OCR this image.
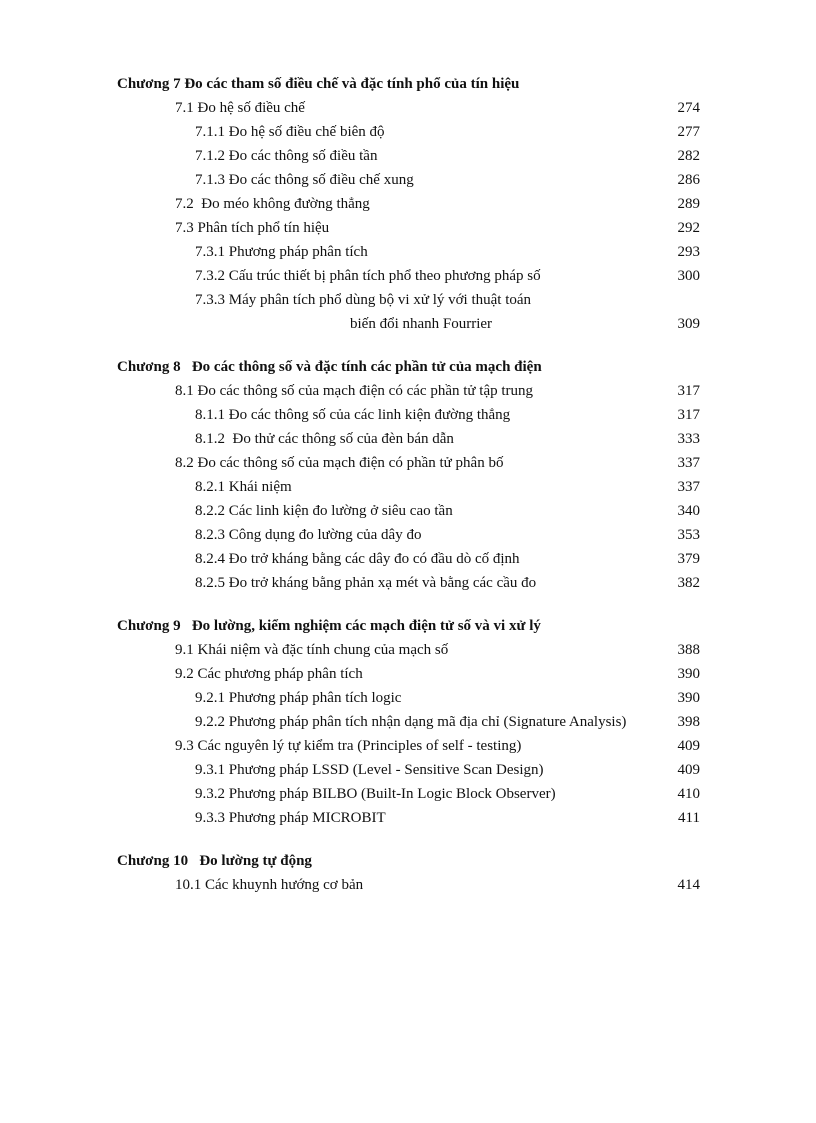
Chương 7 Đo các tham số điều chế và đặc tính phổ của tín hiệu
7.1 Đo hệ số điều chế	274
7.1.1 Đo hệ số điều chế biên độ	277
7.1.2 Đo các thông số điều tần	282
7.1.3 Đo các thông số điều chế xung	286
7.2  Đo méo không đường thẳng	289
7.3 Phân tích phổ tín hiệu	292
7.3.1 Phương pháp phân tích	293
7.3.2 Cấu trúc thiết bị phân tích phổ theo phương pháp số	300
7.3.3 Máy phân tích phổ dùng bộ vi xử lý với thuật toán
biến đổi nhanh Fourrier	309
Chương 8   Đo các thông số và đặc tính các phần tử của mạch điện
8.1 Đo các thông số của mạch điện có các phần tử tập trung	317
8.1.1 Đo các thông số của các linh kiện đường thẳng	317
8.1.2  Đo thử các thông số của đèn bán dẫn	333
8.2 Đo các thông số của mạch điện có phần tử phân bố	337
8.2.1 Khái niệm	337
8.2.2 Các linh kiện đo lường ở siêu cao tần	340
8.2.3 Công dụng đo lường của dây đo	353
8.2.4 Đo trở kháng bằng các dây đo có đầu dò cố định	379
8.2.5 Đo trở kháng bằng phản xạ mét và bằng các cầu đo	382
Chương 9   Đo lường, kiểm nghiệm các mạch điện tử số và vi xử lý
9.1 Khái niệm và đặc tính chung của mạch số	388
9.2 Các phương pháp phân tích	390
9.2.1 Phương pháp phân tích logic	390
9.2.2 Phương pháp phân tích nhận dạng mã địa chỉ (Signature Analysis)	398
9.3 Các nguyên lý tự kiểm tra (Principles of self - testing)	409
9.3.1 Phương pháp LSSD (Level - Sensitive Scan Design)	409
9.3.2 Phương pháp BILBO (Built-In Logic Block Observer)	410
9.3.3 Phương pháp MICROBIT	411
Chương 10   Đo lường tự động
10.1 Các khuynh hướng cơ bản	414
